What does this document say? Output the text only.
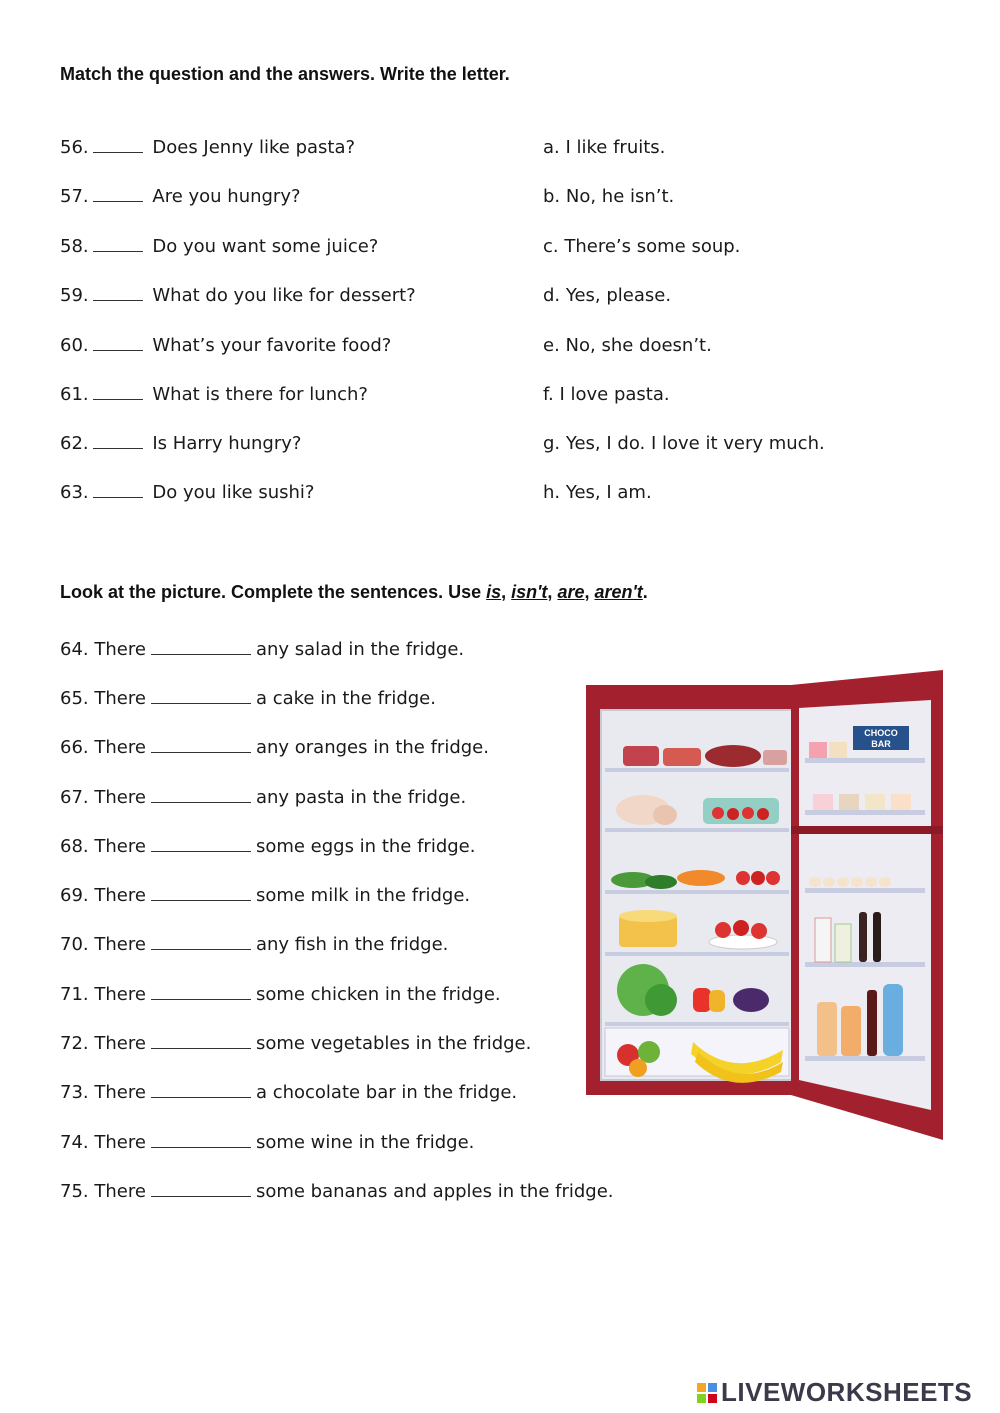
Match the question and the answers. Write the letter.
56.	Does Jenny like pasta?
57.	Are you hungry?
58.	Do you want some juice?
59.	What do you like for dessert?
60.	What’s your favorite food?
61.	What is there for lunch?
62.	Is Harry hungry?
63.	Do you like sushi?
a. I like fruits.
b. No, he isn’t.
c. There’s some soup.
d. Yes, please.
e. No, she doesn’t.
f. I love pasta.
g. Yes, I do. I love it very much.
h. Yes, I am.
Look at the picture. Complete the sentences. Use is, isn't, are, aren't.
64. There	any salad in the fridge.
65. There	a cake in the fridge.
66. There	any oranges in the fridge.
67. There	any pasta in the fridge.
68. There	some eggs in the fridge.
69. There	some milk in the fridge.
70. There	any fish in the fridge.
71. There	some chicken in the fridge.
72. There	some vegetables in the fridge.
73. There	a chocolate bar in the fridge.
74. There	some wine in the fridge.
75. There	some bananas and apples in the fridge.
CHOCO
BAR
LIVEWORKSHEETS
